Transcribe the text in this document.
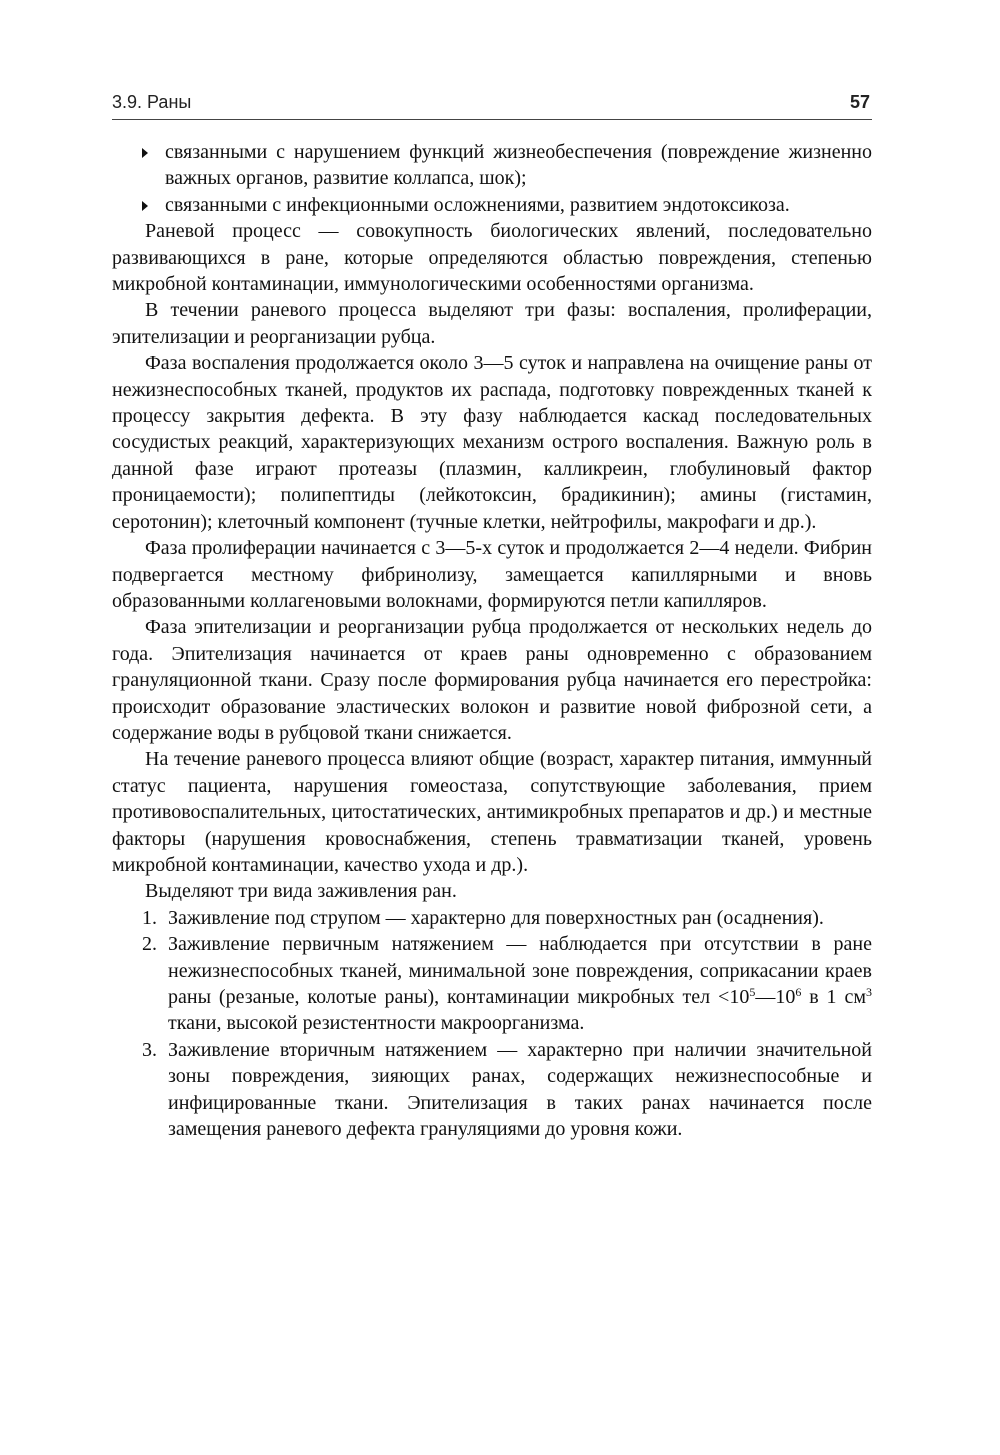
3.9. Раны	57

связанными с нарушением функций жизнеобеспечения (повреждение жизненно важных органов, развитие коллапса, шок);

связанными с инфекционными осложнениями, развитием эндотоксикоза.

Раневой процесс — совокупность биологических явлений, последовательно развивающихся в ране, которые определяются областью повреждения, степенью микробной контаминации, иммунологическими особенностями организма.

В течении раневого процесса выделяют три фазы: воспаления, пролиферации, эпителизации и реорганизации рубца.

Фаза воспаления продолжается около 3—5 суток и направлена на очищение раны от нежизнеспособных тканей, продуктов их распада, подготовку поврежденных тканей к процессу закрытия дефекта. В эту фазу наблюдается каскад последовательных сосудистых реакций, характеризующих механизм острого воспаления. Важную роль в данной фазе играют протеазы (плазмин, калликреин, глобулиновый фактор проницаемости); полипептиды (лейкотоксин, брадикинин); амины (гистамин, серотонин); клеточный компонент (тучные клетки, нейтрофилы, макрофаги и др.).

Фаза пролиферации начинается с 3—5-х суток и продолжается 2—4 недели. Фибрин подвергается местному фибринолизу, замещается капиллярными и вновь образованными коллагеновыми волокнами, формируются петли капилляров.

Фаза эпителизации и реорганизации рубца продолжается от нескольких недель до года. Эпителизация начинается от краев раны одновременно с образованием грануляционной ткани. Сразу после формирования рубца начинается его перестройка: происходит образование эластических волокон и развитие новой фиброзной сети, а содержание воды в рубцовой ткани снижается.

На течение раневого процесса влияют общие (возраст, характер питания, иммунный статус пациента, нарушения гомеостаза, сопутствующие заболевания, прием противовоспалительных, цитостатических, антимикробных препаратов и др.) и местные факторы (нарушения кровоснабжения, степень травматизации тканей, уровень микробной контаминации, качество ухода и др.).

Выделяют три вида заживления ран.

1. Заживление под струпом — характерно для поверхностных ран (осаднения).

2. Заживление первичным натяжением — наблюдается при отсутствии в ране нежизнеспособных тканей, минимальной зоне повреждения, соприкасании краев раны (резаные, колотые раны), контаминации микробных тел $<10^5—10^6$ в 1 $см^3$ ткани, высокой резистентности макроорганизма.

3. Заживление вторичным натяжением — характерно при наличии значительной зоны повреждения, зияющих ранах, содержащих нежизнеспособные и инфицированные ткани. Эпителизация в таких ранах начинается после замещения раневого дефекта грануляциями до уровня кожи.
